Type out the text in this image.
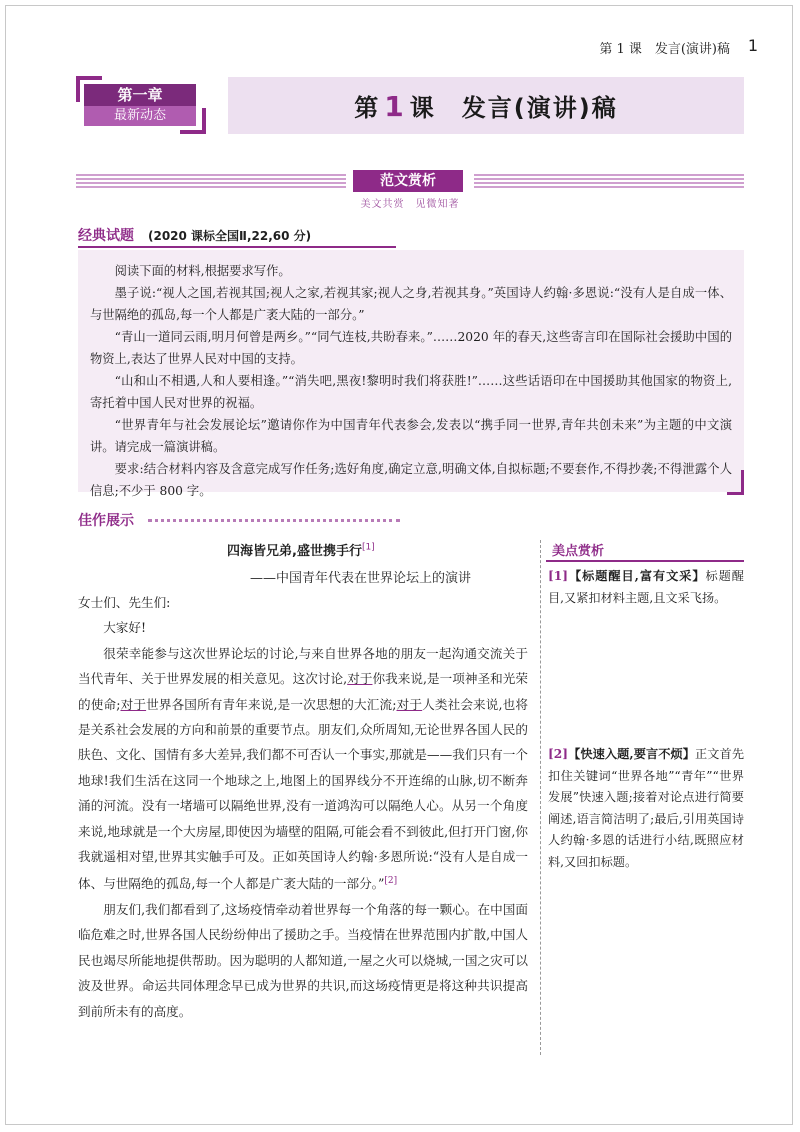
第 1 课　发言(演讲)稿 1
第一章
最新动态	第 1 课　发言(演讲)稿
范文赏析
美文共赏　见微知著
经典试题 (2020 课标全国Ⅱ,22,60 分)

阅读下面的材料,根据要求写作。

墨子说:“视人之国,若视其国;视人之家,若视其家;视人之身,若视其身。”英国诗人约翰·多恩说:“没有人是自成一体、与世隔绝的孤岛,每一个人都是广袤大陆的一部分。”

“青山一道同云雨,明月何曾是两乡。”“同气连枝,共盼春来。”……2020 年的春天,这些寄言印在国际社会援助中国的物资上,表达了世界人民对中国的支持。

“山和山不相遇,人和人要相逢。”“消失吧,黑夜!黎明时我们将获胜!”……这些话语印在中国援助其他国家的物资上,寄托着中国人民对世界的祝福。

“世界青年与社会发展论坛”邀请你作为中国青年代表参会,发表以“携手同一世界,青年共创未来”为主题的中文演讲。请完成一篇演讲稿。

要求:结合材料内容及含意完成写作任务;选好角度,确定立意,明确文体,自拟标题;不要套作,不得抄袭;不得泄露个人信息;不少于 800 字。

佳作展示
四海皆兄弟,盛世携手行[1]
——中国青年代表在世界论坛上的演讲

女士们、先生们:

大家好!

很荣幸能参与这次世界论坛的讨论,与来自世界各地的朋友一起沟通交流关于当代青年、关于世界发展的相关意见。这次讨论,对于你我来说,是一项神圣和光荣的使命;对于世界各国所有青年来说,是一次思想的大汇流;对于人类社会来说,也将是关系社会发展的方向和前景的重要节点。朋友们,众所周知,无论世界各国人民的肤色、文化、国情有多大差异,我们都不可否认一个事实,那就是——我们只有一个地球!我们生活在这同一个地球之上,地图上的国界线分不开连绵的山脉,切不断奔涌的河流。没有一堵墙可以隔绝世界,没有一道鸿沟可以隔绝人心。从另一个角度来说,地球就是一个大房屋,即使因为墙壁的阻隔,可能会看不到彼此,但打开门窗,你我就遥相对望,世界其实触手可及。正如英国诗人约翰·多恩所说:“没有人是自成一体、与世隔绝的孤岛,每一个人都是广袤大陆的一部分。”[2]

朋友们,我们都看到了,这场疫情牵动着世界每一个角落的每一颗心。在中国面临危难之时,世界各国人民纷纷伸出了援助之手。当疫情在世界范围内扩散,中国人民也竭尽所能地提供帮助。因为聪明的人都知道,一屋之火可以烧城,一国之灾可以波及世界。命运共同体理念早已成为世界的共识,而这场疫情更是将这种共识提高到前所未有的高度。

美点赏析
[1]【标题醒目,富有文采】标题醒目,又紧扣材料主题,且文采飞扬。
[2]【快速入题,要言不烦】正文首先扣住关键词“世界各地”“青年”“世界发展”快速入题;接着对论点进行简要阐述,语言简洁明了;最后,引用英国诗人约翰·多恩的话进行小结,既照应材料,又回扣标题。
